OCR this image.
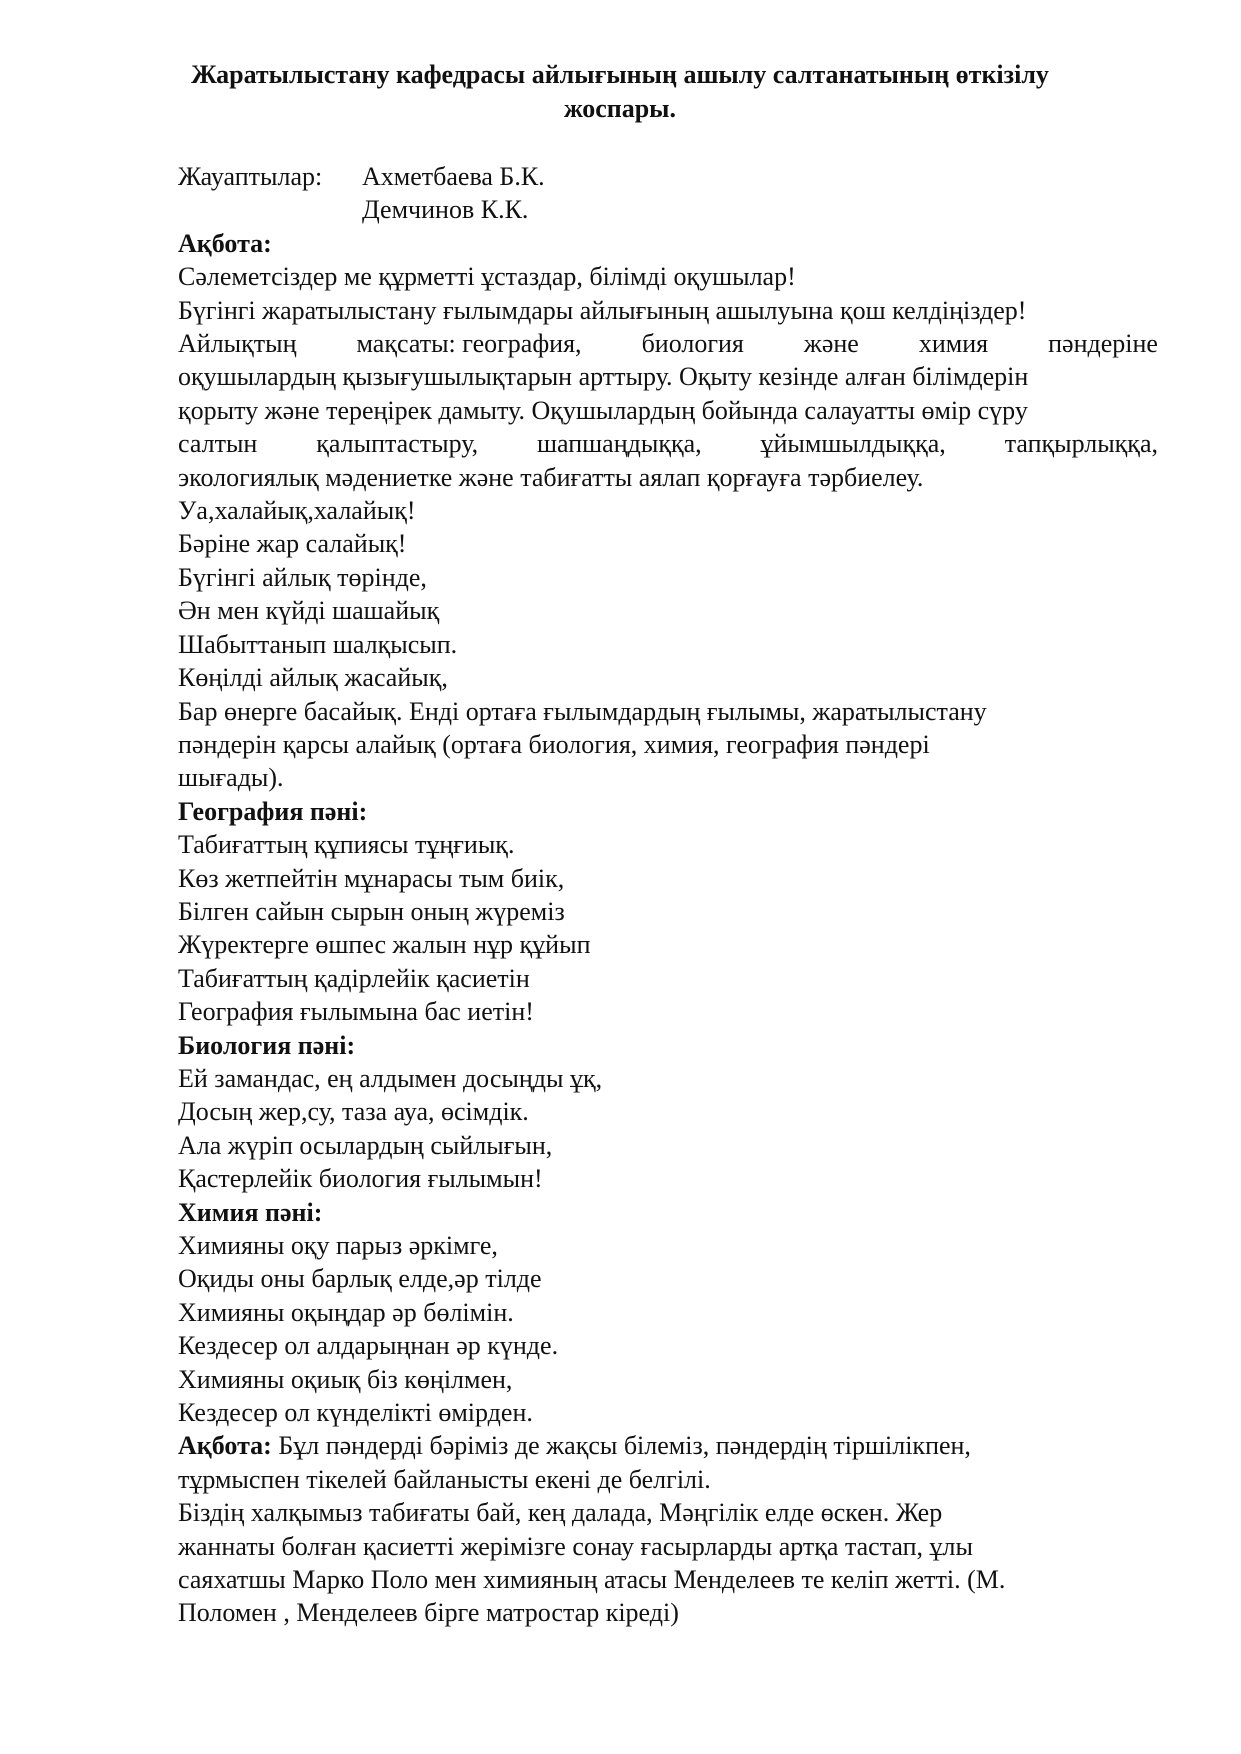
Жаратылыстану кафедрасы айлығының ашылу салтанатының өткізілу
жоспары.
Жауаптылар: Ахметбаева Б.К.
Демчинов К.К.
Ақбота:
Сәлеметсіздер ме құрметті ұстаздар, білімді оқушылар!
Бүгінгі жаратылыстану ғылымдары айлығының ашылуына қош келдіңіздер!
Айлықтың мақсаты: география, биология және химия пәндеріне
оқушылардың қызығушылықтарын арттыру. Оқыту кезінде алған білімдерін
қорыту және тереңірек дамыту. Оқушылардың бойында салауатты өмір сүру
салтын қалыптастыру, шапшаңдыққа, ұйымшылдыққа, тапқырлыққа,
экологиялық мәдениетке және табиғатты аялап қорғауға тәрбиелеу.
Уа,халайық,халайық!
Бәріне жар салайық!
Бүгінгі айлық төрінде,
Ән мен күйді шашайық
Шабыттанып шалқысып.
Көңілді айлық жасайық,
Бар өнерге басайық. Енді ортаға ғылымдардың ғылымы, жаратылыстану
пәндерін қарсы алайық (ортаға биология, химия, география пәндері
шығады).
География пәні:
Табиғаттың құпиясы тұңғиық.
Көз жетпейтін мұнарасы тым биік,
Білген сайын сырын оның жүреміз
Жүректерге өшпес жалын нұр құйып
Табиғаттың қадірлейік қасиетін
География ғылымына бас иетін!
Биология пәні:
Ей замандас, ең алдымен досыңды ұқ,
Досың жер,су, таза ауа, өсімдік.
Ала жүріп осылардың сыйлығын,
Қастерлейік биология ғылымын!
Химия пәні:
Химияны оқу парыз әркімге,
Оқиды оны барлық елде,әр тілде
Химияны оқыңдар әр бөлімін.
Кездесер ол алдарыңнан әр күнде.
Химияны оқиық біз көңілмен,
Кездесер ол күнделікті өмірден.
Ақбота: Бұл пәндерді бәріміз де жақсы білеміз, пәндердің тіршілікпен,
тұрмыспен тікелей байланысты екені де белгілі.
Біздің халқымыз табиғаты бай, кең далада, Мәңгілік елде өскен. Жер
жаннаты болған қасиетті жерімізге сонау ғасырларды артқа тастап, ұлы
саяхатшы Марко Поло мен химияның атасы Менделеев те келіп жетті. (М.
Поломен , Менделеев бірге матростар кіреді)
